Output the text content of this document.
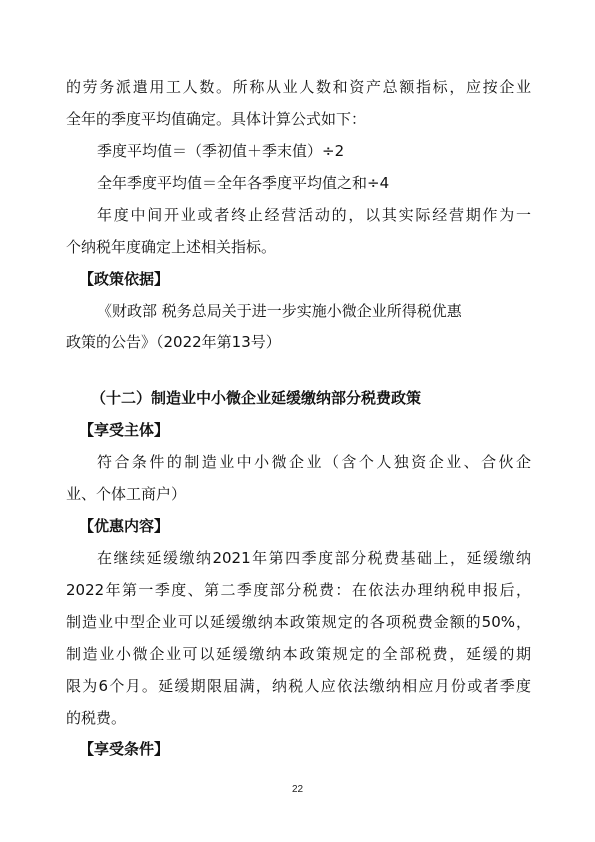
的劳务派遣用工人数。所称从业人数和资产总额指标，应按企业
全年的季度平均值确定。具体计算公式如下：
季度平均值＝（季初值＋季末值）÷2
全年季度平均值＝全年各季度平均值之和÷4
年度中间开业或者终止经营活动的，以其实际经营期作为一
个纳税年度确定上述相关指标。
【政策依据】
《财政部 税务总局关于进一步实施小微企业所得税优惠
政策的公告》（2022年第13号）
（十二）制造业中小微企业延缓缴纳部分税费政策
【享受主体】
符合条件的制造业中小微企业（含个人独资企业、合伙企
业、个体工商户）
【优惠内容】
在继续延缓缴纳2021年第四季度部分税费基础上，延缓缴纳
2022年第一季度、第二季度部分税费：在依法办理纳税申报后，
制造业中型企业可以延缓缴纳本政策规定的各项税费金额的50%，
制造业小微企业可以延缓缴纳本政策规定的全部税费，延缓的期
限为6个月。延缓期限届满，纳税人应依法缴纳相应月份或者季度
的税费。
【享受条件】
22
